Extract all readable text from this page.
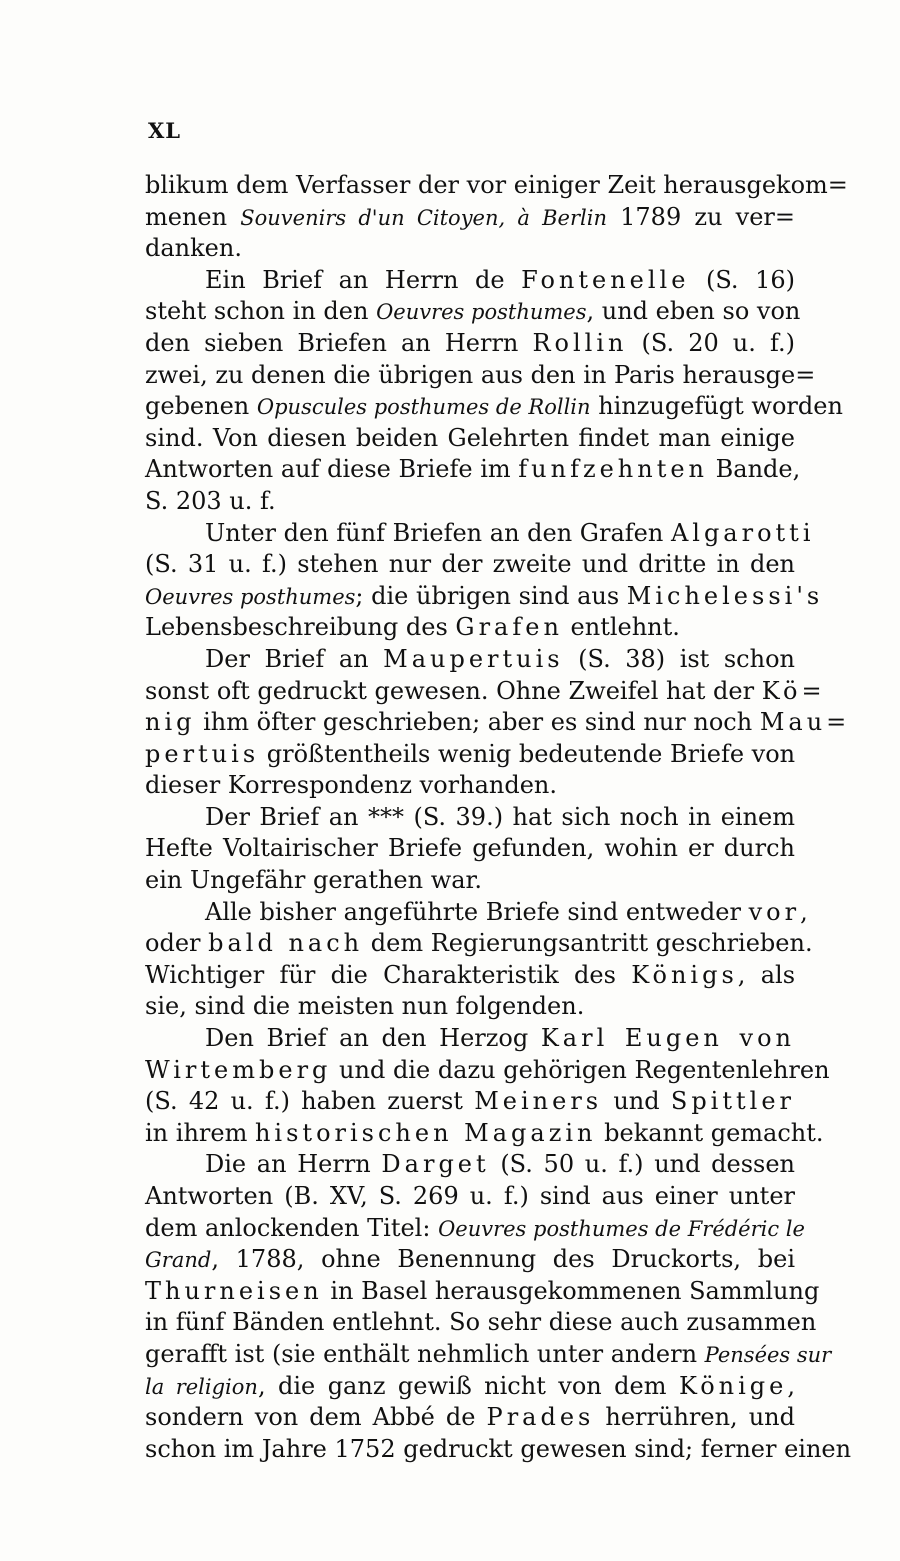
XL
blikum dem Verfasser der vor einiger Zeit herausgekom=
menen Souvenirs d'un Citoyen, à Berlin 1789 zu ver=
danken.
Ein Brief an Herrn de Fontenelle (S. 16)
steht schon in den Oeuvres posthumes, und eben so von
den sieben Briefen an Herrn Rollin (S. 20 u. f.)
zwei, zu denen die übrigen aus den in Paris herausge=
gebenen Opuscules posthumes de Rollin hinzugefügt worden
sind. Von diesen beiden Gelehrten findet man einige
Antworten auf diese Briefe im funfzehnten Bande,
S. 203 u. f.
Unter den fünf Briefen an den Grafen Algarotti
(S. 31 u. f.) stehen nur der zweite und dritte in den
Oeuvres posthumes; die übrigen sind aus Michelessi's
Lebensbeschreibung des Grafen entlehnt.
Der Brief an Maupertuis (S. 38) ist schon
sonst oft gedruckt gewesen. Ohne Zweifel hat der Kö=
nig ihm öfter geschrieben; aber es sind nur noch Mau=
pertuis größtentheils wenig bedeutende Briefe von
dieser Korrespondenz vorhanden.
Der Brief an *** (S. 39.) hat sich noch in einem
Hefte Voltairischer Briefe gefunden, wohin er durch
ein Ungefähr gerathen war.
Alle bisher angeführte Briefe sind entweder vor,
oder bald nach dem Regierungsantritt geschrieben.
Wichtiger für die Charakteristik des Königs, als
sie, sind die meisten nun folgenden.
Den Brief an den Herzog Karl Eugen von
Wirtemberg und die dazu gehörigen Regentenlehren
(S. 42 u. f.) haben zuerst Meiners und Spittler
in ihrem historischen Magazin bekannt gemacht.
Die an Herrn Darget (S. 50 u. f.) und dessen
Antworten (B. XV, S. 269 u. f.) sind aus einer unter
dem anlockenden Titel: Oeuvres posthumes de Frédéric le
Grand, 1788, ohne Benennung des Druckorts, bei
Thurneisen in Basel herausgekommenen Sammlung
in fünf Bänden entlehnt. So sehr diese auch zusammen
gerafft ist (sie enthält nehmlich unter andern Pensées sur
la religion, die ganz gewiß nicht von dem Könige,
sondern von dem Abbé de Prades herrühren, und
schon im Jahre 1752 gedruckt gewesen sind; ferner einen
